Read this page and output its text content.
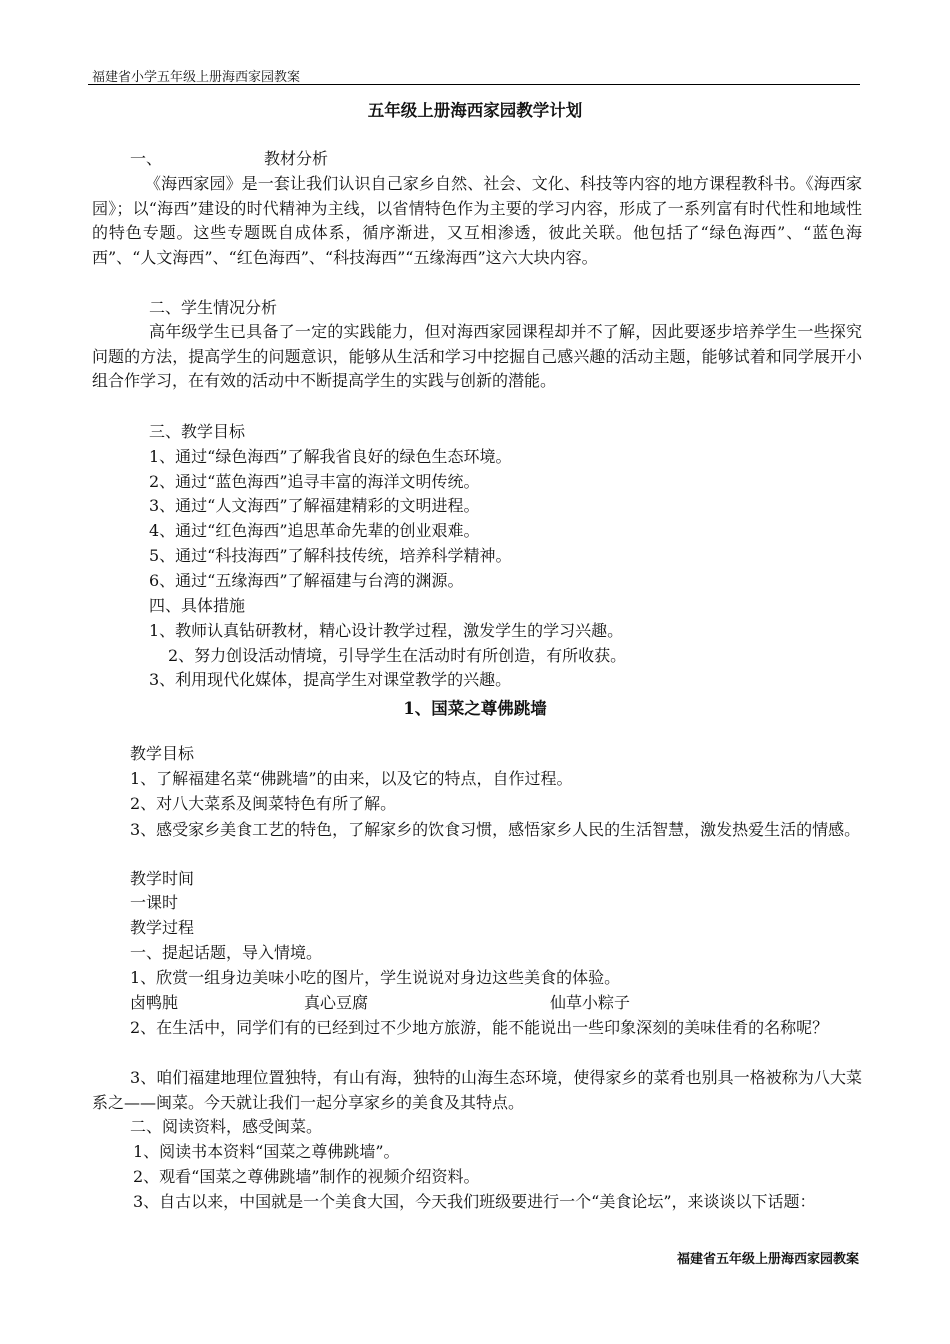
福建省小学五年级上册海西家园教案
五年级上册海西家园教学计划
一、	教材分析
《海西家园》是一套让我们认识自己家乡自然、社会、文化、科技等内容的地方课程教科书。《海西家园》；以“海西”建设的时代精神为主线，以省情特色作为主要的学习内容，形成了一系列富有时代性和地域性的特色专题。这些专题既自成体系，循序渐进，又互相渗透，彼此关联。他包括了“绿色海西”、“蓝色海西”、“人文海西”、“红色海西”、“科技海西”“五缘海西”这六大块内容。
二、学生情况分析
高年级学生已具备了一定的实践能力，但对海西家园课程却并不了解，因此要逐步培养学生一些探究问题的方法，提高学生的问题意识，能够从生活和学习中挖掘自己感兴趣的活动主题，能够试着和同学展开小组合作学习，在有效的活动中不断提高学生的实践与创新的潜能。
三、教学目标
1、通过“绿色海西”了解我省良好的绿色生态环境。
2、通过“蓝色海西”追寻丰富的海洋文明传统。
3、通过“人文海西”了解福建精彩的文明进程。
4、通过“红色海西”追思革命先辈的创业艰难。
5、通过“科技海西”了解科技传统，培养科学精神。
6、通过“五缘海西”了解福建与台湾的渊源。
四、具体措施
1、教师认真钻研教材，精心设计教学过程，激发学生的学习兴趣。
2、努力创设活动情境，引导学生在活动时有所创造，有所收获。
3、利用现代化媒体，提高学生对课堂教学的兴趣。
1、国菜之尊佛跳墙
教学目标
1、了解福建名菜“佛跳墙”的由来，以及它的特点，自作过程。
2、对八大菜系及闽菜特色有所了解。
3、感受家乡美食工艺的特色，了解家乡的饮食习惯，感悟家乡人民的生活智慧，激发热爱生活的情感。
教学时间
一课时
教学过程
一、提起话题，导入情境。
1、欣赏一组身边美味小吃的图片，学生说说对身边这些美食的体验。
卤鸭肫	真心豆腐	仙草小粽子
2、在生活中，同学们有的已经到过不少地方旅游，能不能说出一些印象深刻的美味佳肴的名称呢？
3、咱们福建地理位置独特，有山有海，独特的山海生态环境，使得家乡的菜肴也别具一格被称为八大菜系之——闽菜。今天就让我们一起分享家乡的美食及其特点。
二、阅读资料，感受闽菜。
1、阅读书本资料“国菜之尊佛跳墙”。
2、观看“国菜之尊佛跳墙”制作的视频介绍资料。
3、自古以来，中国就是一个美食大国，今天我们班级要进行一个“美食论坛”，来谈谈以下话题：
福建省五年级上册海西家园教案
